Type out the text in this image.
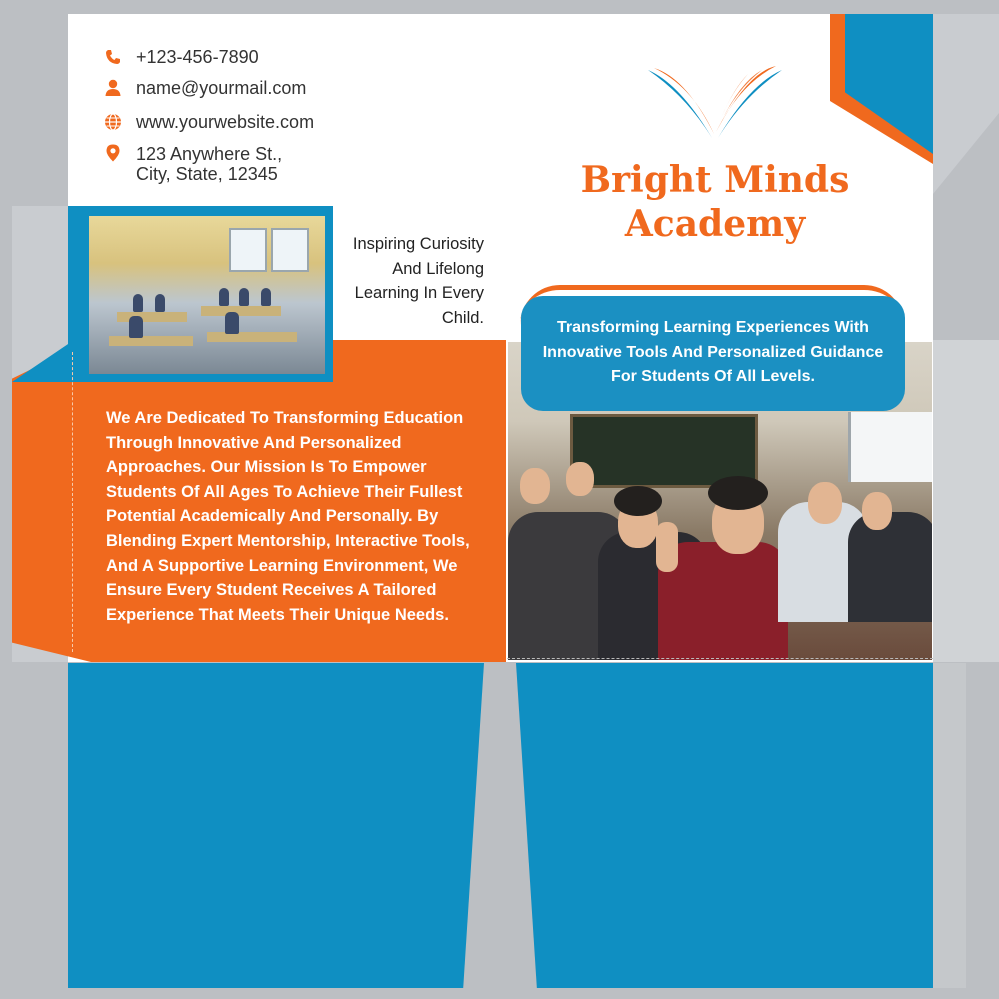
+123-456-7890
name@yourmail.com
www.yourwebsite.com
123 Anywhere St.,
City, State, 12345
Inspiring Curiosity And Lifelong Learning In Every Child.
We Are Dedicated To Transforming Education Through Innovative And Personalized Approaches. Our Mission Is To Empower Students Of All Ages To Achieve Their Fullest Potential Academically And Personally. By Blending Expert Mentorship, Interactive Tools, And A Supportive Learning Environment, We Ensure Every Student Receives A Tailored Experience That Meets Their Unique Needs.
Bright Minds
Academy
Transforming Learning Experiences With Innovative Tools And Personalized Guidance For Students Of All Levels.
